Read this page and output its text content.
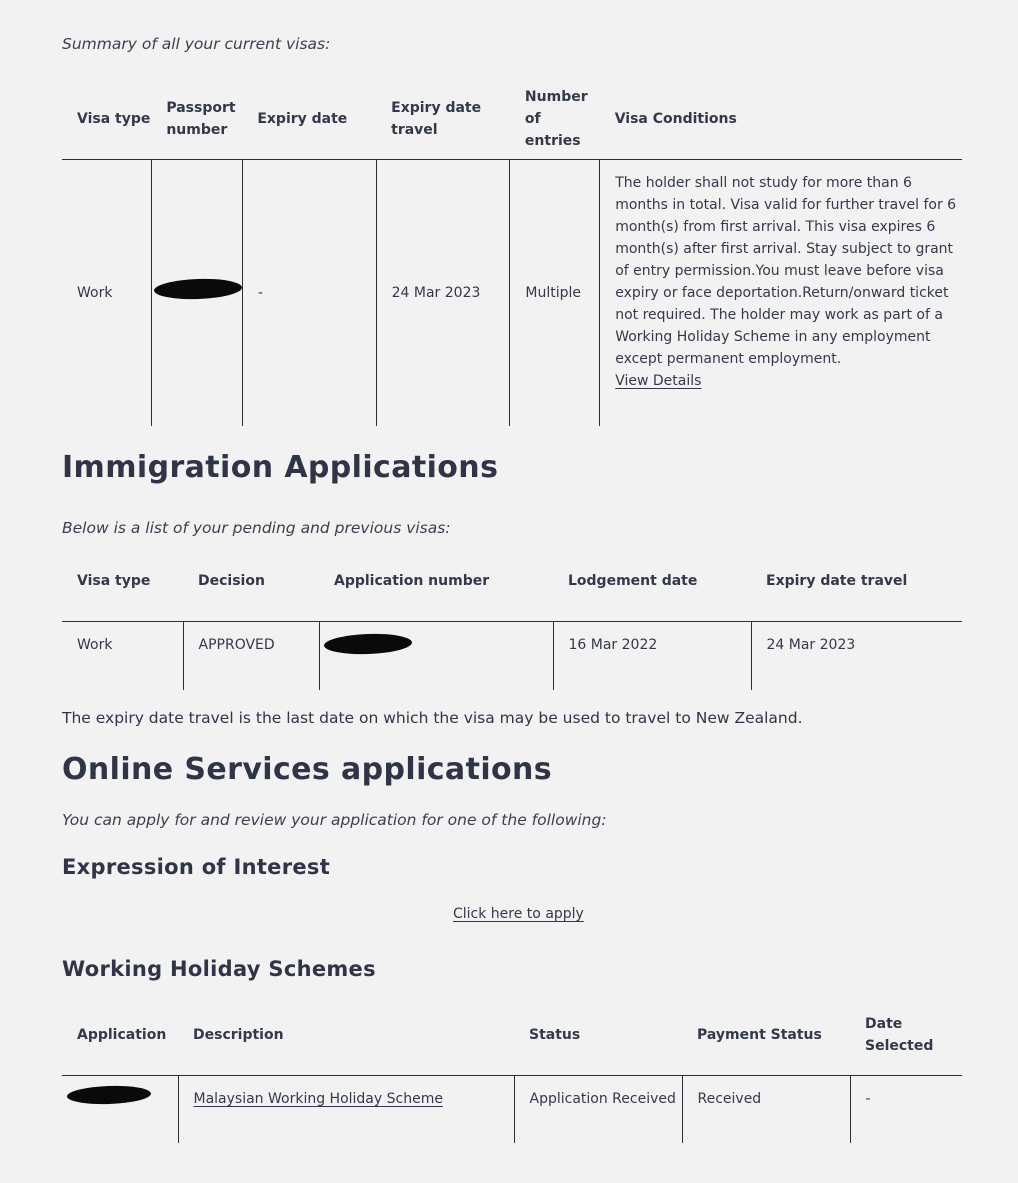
Summary of all your current visas:
Visa type	Passport number	Expiry date	Expiry date travel	Number of entries	Visa Conditions
Work		-	24 Mar 2023	Multiple	The holder shall not study for more than 6 months in total. Visa valid for further travel for 6 month(s) from first arrival. This visa expires 6 month(s) after first arrival. Stay subject to grant of entry permission.You must leave before visa expiry or face deportation.Return/onward ticket not required. The holder may work as part of a Working Holiday Scheme in any employment except permanent employment.
View Details
Immigration Applications
Below is a list of your pending and previous visas:
Visa type	Decision	Application number	Lodgement date	Expiry date travel
Work	APPROVED		16 Mar 2022	24 Mar 2023
The expiry date travel is the last date on which the visa may be used to travel to New Zealand.
Online Services applications
You can apply for and review your application for one of the following:
Expression of Interest
Click here to apply
Working Holiday Schemes
Application	Description	Status	Payment Status	Date Selected
	Malaysian Working Holiday Scheme	Application Received	Received	-
